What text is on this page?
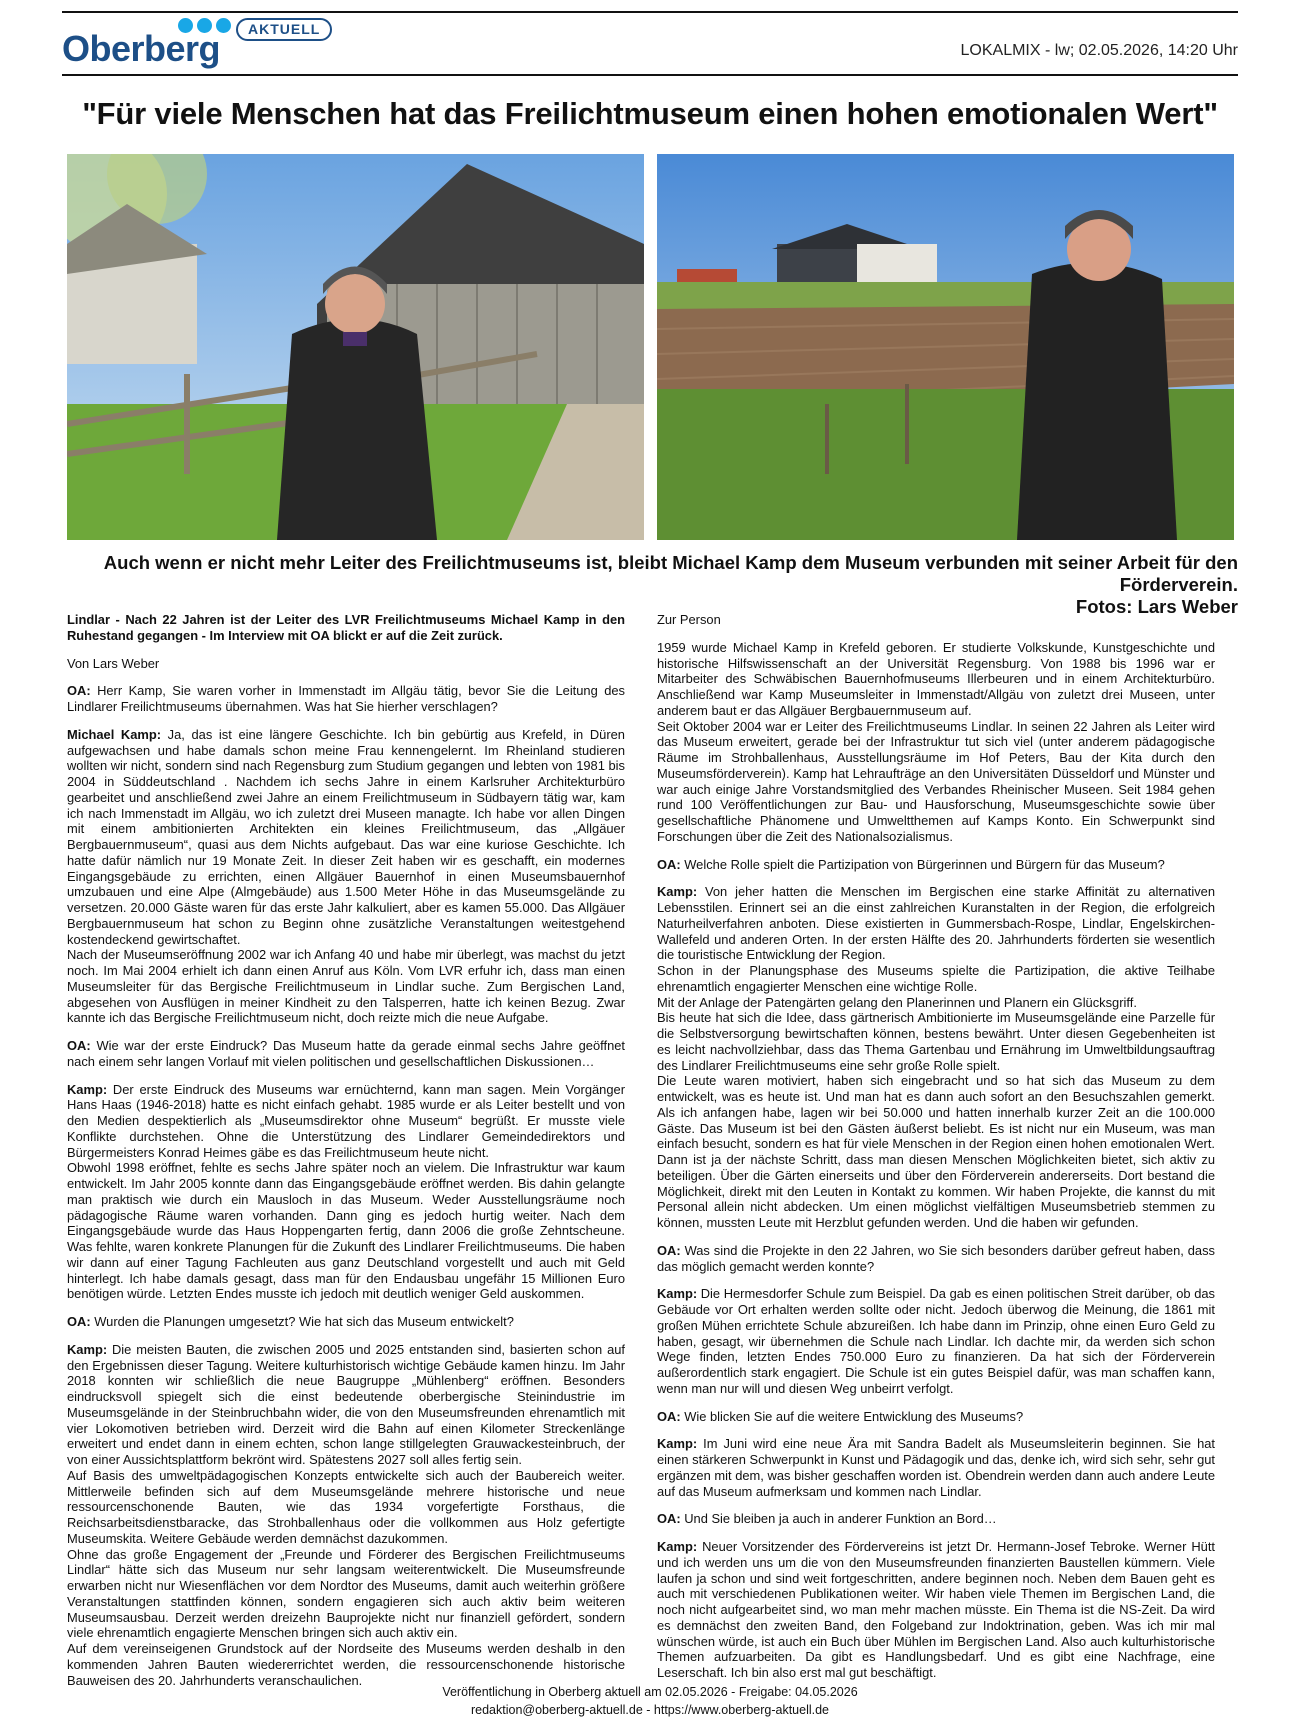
Oberberg	AKTUELL
LOKALMIX - lw; 02.05.2026, 14:20 Uhr
"Für viele Menschen hat das Freilichtmuseum einen hohen emotionalen Wert"
Auch wenn er nicht mehr Leiter des Freilichtmuseums ist, bleibt Michael Kamp dem Museum verbunden mit seiner Arbeit für den Förderverein.
Fotos: Lars Weber

Lindlar - Nach 22 Jahren ist der Leiter des LVR Freilichtmuseums Michael Kamp in den Ruhestand gegangen - Im Interview mit OA blickt er auf die Zeit zurück.

Von Lars Weber

OA: Herr Kamp, Sie waren vorher in Immenstadt im Allgäu tätig, bevor Sie die Leitung des Lindlarer Freilichtmuseums übernahmen. Was hat Sie hierher verschlagen?

Michael Kamp: Ja, das ist eine längere Geschichte. Ich bin gebürtig aus Krefeld, in Düren aufgewachsen und habe damals schon meine Frau kennengelernt. Im Rheinland studieren wollten wir nicht, sondern sind nach Regensburg zum Studium gegangen und lebten von 1981 bis 2004 in Süddeutschland . Nachdem ich sechs Jahre in einem Karlsruher Architekturbüro gearbeitet und anschließend zwei Jahre an einem Freilichtmuseum in Südbayern tätig war, kam ich nach Immenstadt im Allgäu, wo ich zuletzt drei Museen managte. Ich habe vor allen Dingen mit einem ambitionierten Architekten ein kleines Freilichtmuseum, das „Allgäuer Bergbauernmuseum“, quasi aus dem Nichts aufgebaut. Das war eine kuriose Geschichte. Ich hatte dafür nämlich nur 19 Monate Zeit. In dieser Zeit haben wir es geschafft, ein modernes Eingangsgebäude zu errichten, einen Allgäuer Bauernhof in einen Museumsbauernhof umzubauen und eine Alpe (Almgebäude) aus 1.500 Meter Höhe in das Museumsgelände zu versetzen. 20.000 Gäste waren für das erste Jahr kalkuliert, aber es kamen 55.000. Das Allgäuer Bergbauernmuseum hat schon zu Beginn ohne zusätzliche Veranstaltungen weitestgehend kostendeckend gewirtschaftet.

Nach der Museumseröffnung 2002 war ich Anfang 40 und habe mir überlegt, was machst du jetzt noch. Im Mai 2004 erhielt ich dann einen Anruf aus Köln. Vom LVR erfuhr ich, dass man einen Museumsleiter für das Bergische Freilichtmuseum in Lindlar suche. Zum Bergischen Land, abgesehen von Ausflügen in meiner Kindheit zu den Talsperren, hatte ich keinen Bezug. Zwar kannte ich das Bergische Freilichtmuseum nicht, doch reizte mich die neue Aufgabe.

OA: Wie war der erste Eindruck? Das Museum hatte da gerade einmal sechs Jahre geöffnet nach einem sehr langen Vorlauf mit vielen politischen und gesellschaftlichen Diskussionen…

Kamp: Der erste Eindruck des Museums war ernüchternd, kann man sagen. Mein Vorgänger Hans Haas (1946-2018) hatte es nicht einfach gehabt. 1985 wurde er als Leiter bestellt und von den Medien despektierlich als „Museumsdirektor ohne Museum“ begrüßt. Er musste viele Konflikte durchstehen. Ohne die Unterstützung des Lindlarer Gemeindedirektors und Bürgermeisters Konrad Heimes gäbe es das Freilichtmuseum heute nicht.

Obwohl 1998 eröffnet, fehlte es sechs Jahre später noch an vielem. Die Infrastruktur war kaum entwickelt. Im Jahr 2005 konnte dann das Eingangsgebäude eröffnet werden. Bis dahin gelangte man praktisch wie durch ein Mausloch in das Museum. Weder Ausstellungsräume noch pädagogische Räume waren vorhanden. Dann ging es jedoch hurtig weiter. Nach dem Eingangsgebäude wurde das Haus Hoppengarten fertig, dann 2006 die große Zehntscheune. Was fehlte, waren konkrete Planungen für die Zukunft des Lindlarer Freilichtmuseums. Die haben wir dann auf einer Tagung Fachleuten aus ganz Deutschland vorgestellt und auch mit Geld hinterlegt. Ich habe damals gesagt, dass man für den Endausbau ungefähr 15 Millionen Euro benötigen würde. Letzten Endes musste ich jedoch mit deutlich weniger Geld auskommen.

OA: Wurden die Planungen umgesetzt? Wie hat sich das Museum entwickelt?

Kamp: Die meisten Bauten, die zwischen 2005 und 2025 entstanden sind, basierten schon auf den Ergebnissen dieser Tagung. Weitere kulturhistorisch wichtige Gebäude kamen hinzu. Im Jahr 2018 konnten wir schließlich die neue Baugruppe „Mühlenberg“ eröffnen. Besonders eindrucksvoll spiegelt sich die einst bedeutende oberbergische Steinindustrie im Museumsgelände in der Steinbruchbahn wider, die von den Museumsfreunden ehrenamtlich mit vier Lokomotiven betrieben wird. Derzeit wird die Bahn auf einen Kilometer Streckenlänge erweitert und endet dann in einem echten, schon lange stillgelegten Grauwackesteinbruch, der von einer Aussichtsplattform bekrönt wird. Spätestens 2027 soll alles fertig sein.

Auf Basis des umweltpädagogischen Konzepts entwickelte sich auch der Baubereich weiter. Mittlerweile befinden sich auf dem Museumsgelände mehrere historische und neue ressourcenschonende Bauten, wie das 1934 vorgefertigte Forsthaus, die Reichsarbeitsdienstbaracke, das Strohballenhaus oder die vollkommen aus Holz gefertigte Museumskita. Weitere Gebäude werden demnächst dazukommen.

Ohne das große Engagement der „Freunde und Förderer des Bergischen Freilichtmuseums Lindlar“ hätte sich das Museum nur sehr langsam weiterentwickelt. Die Museumsfreunde erwarben nicht nur Wiesenflächen vor dem Nordtor des Museums, damit auch weiterhin größere Veranstaltungen stattfinden können, sondern engagieren sich auch aktiv beim weiteren Museumsausbau. Derzeit werden dreizehn Bauprojekte nicht nur finanziell gefördert, sondern viele ehrenamtlich engagierte Menschen bringen sich auch aktiv ein.

Auf dem vereinseigenen Grundstock auf der Nordseite des Museums werden deshalb in den kommenden Jahren Bauten wiedererrichtet werden, die ressourcenschonende historische Bauweisen des 20. Jahrhunderts veranschaulichen.

Zur Person

1959 wurde Michael Kamp in Krefeld geboren. Er studierte Volkskunde, Kunstgeschichte und historische Hilfswissenschaft an der Universität Regensburg. Von 1988 bis 1996 war er Mitarbeiter des Schwäbischen Bauernhofmuseums Illerbeuren und in einem Architekturbüro. Anschließend war Kamp Museumsleiter in Immenstadt/Allgäu von zuletzt drei Museen, unter anderem baut er das Allgäuer Bergbauernmuseum auf.

Seit Oktober 2004 war er Leiter des Freilichtmuseums Lindlar. In seinen 22 Jahren als Leiter wird das Museum erweitert, gerade bei der Infrastruktur tut sich viel (unter anderem pädagogische Räume im Strohballenhaus, Ausstellungsräume im Hof Peters, Bau der Kita durch den Museumsförderverein). Kamp hat Lehraufträge an den Universitäten Düsseldorf und Münster und war auch einige Jahre Vorstandsmitglied des Verbandes Rheinischer Museen. Seit 1984 gehen rund 100 Veröffentlichungen zur Bau- und Hausforschung, Museumsgeschichte sowie über gesellschaftliche Phänomene und Umweltthemen auf Kamps Konto. Ein Schwerpunkt sind Forschungen über die Zeit des Nationalsozialismus.

OA: Welche Rolle spielt die Partizipation von Bürgerinnen und Bürgern für das Museum?

Kamp: Von jeher hatten die Menschen im Bergischen eine starke Affinität zu alternativen Lebensstilen. Erinnert sei an die einst zahlreichen Kuranstalten in der Region, die erfolgreich Naturheilverfahren anboten. Diese existierten in Gummersbach-Rospe, Lindlar, Engelskirchen-Wallefeld und anderen Orten. In der ersten Hälfte des 20. Jahrhunderts förderten sie wesentlich die touristische Entwicklung der Region.

Schon in der Planungsphase des Museums spielte die Partizipation, die aktive Teilhabe ehrenamtlich engagierter Menschen eine wichtige Rolle.

Mit der Anlage der Patengärten gelang den Planerinnen und Planern ein Glücksgriff.

Bis heute hat sich die Idee, dass gärtnerisch Ambitionierte im Museumsgelände eine Parzelle für die Selbstversorgung bewirtschaften können, bestens bewährt. Unter diesen Gegebenheiten ist es leicht nachvollziehbar, dass das Thema Gartenbau und Ernährung im Umweltbildungsauftrag des Lindlarer Freilichtmuseums eine sehr große Rolle spielt.

Die Leute waren motiviert, haben sich eingebracht und so hat sich das Museum zu dem entwickelt, was es heute ist. Und man hat es dann auch sofort an den Besuchszahlen gemerkt. Als ich anfangen habe, lagen wir bei 50.000 und hatten innerhalb kurzer Zeit an die 100.000 Gäste. Das Museum ist bei den Gästen äußerst beliebt. Es ist nicht nur ein Museum, was man einfach besucht, sondern es hat für viele Menschen in der Region einen hohen emotionalen Wert. Dann ist ja der nächste Schritt, dass man diesen Menschen Möglichkeiten bietet, sich aktiv zu beteiligen. Über die Gärten einerseits und über den Förderverein andererseits. Dort bestand die Möglichkeit, direkt mit den Leuten in Kontakt zu kommen. Wir haben Projekte, die kannst du mit Personal allein nicht abdecken. Um einen möglichst vielfältigen Museumsbetrieb stemmen zu können, mussten Leute mit Herzblut gefunden werden. Und die haben wir gefunden.

OA: Was sind die Projekte in den 22 Jahren, wo Sie sich besonders darüber gefreut haben, dass das möglich gemacht werden konnte?

Kamp: Die Hermesdorfer Schule zum Beispiel. Da gab es einen politischen Streit darüber, ob das Gebäude vor Ort erhalten werden sollte oder nicht. Jedoch überwog die Meinung, die 1861 mit großen Mühen errichtete Schule abzureißen. Ich habe dann im Prinzip, ohne einen Euro Geld zu haben, gesagt, wir übernehmen die Schule nach Lindlar. Ich dachte mir, da werden sich schon Wege finden, letzten Endes 750.000 Euro zu finanzieren. Da hat sich der Förderverein außerordentlich stark engagiert. Die Schule ist ein gutes Beispiel dafür, was man schaffen kann, wenn man nur will und diesen Weg unbeirrt verfolgt.

OA: Wie blicken Sie auf die weitere Entwicklung des Museums?

Kamp: Im Juni wird eine neue Ära mit Sandra Badelt als Museumsleiterin beginnen. Sie hat einen stärkeren Schwerpunkt in Kunst und Pädagogik und das, denke ich, wird sich sehr, sehr gut ergänzen mit dem, was bisher geschaffen worden ist. Obendrein werden dann auch andere Leute auf das Museum aufmerksam und kommen nach Lindlar.

OA: Und Sie bleiben ja auch in anderer Funktion an Bord…

Kamp: Neuer Vorsitzender des Fördervereins ist jetzt Dr. Hermann-Josef Tebroke. Werner Hütt und ich werden uns um die von den Museumsfreunden finanzierten Baustellen kümmern. Viele laufen ja schon und sind weit fortgeschritten, andere beginnen noch. Neben dem Bauen geht es auch mit verschiedenen Publikationen weiter. Wir haben viele Themen im Bergischen Land, die noch nicht aufgearbeitet sind, wo man mehr machen müsste. Ein Thema ist die NS-Zeit. Da wird es demnächst den zweiten Band, den Folgeband zur Indoktrination, geben. Was ich mir mal wünschen würde, ist auch ein Buch über Mühlen im Bergischen Land. Also auch kulturhistorische Themen aufzuarbeiten. Da gibt es Handlungsbedarf. Und es gibt eine Nachfrage, eine Leserschaft. Ich bin also erst mal gut beschäftigt.

Veröffentlichung in Oberberg aktuell am 02.05.2026 - Freigabe: 04.05.2026
redaktion@oberberg-aktuell.de - https://www.oberberg-aktuell.de
